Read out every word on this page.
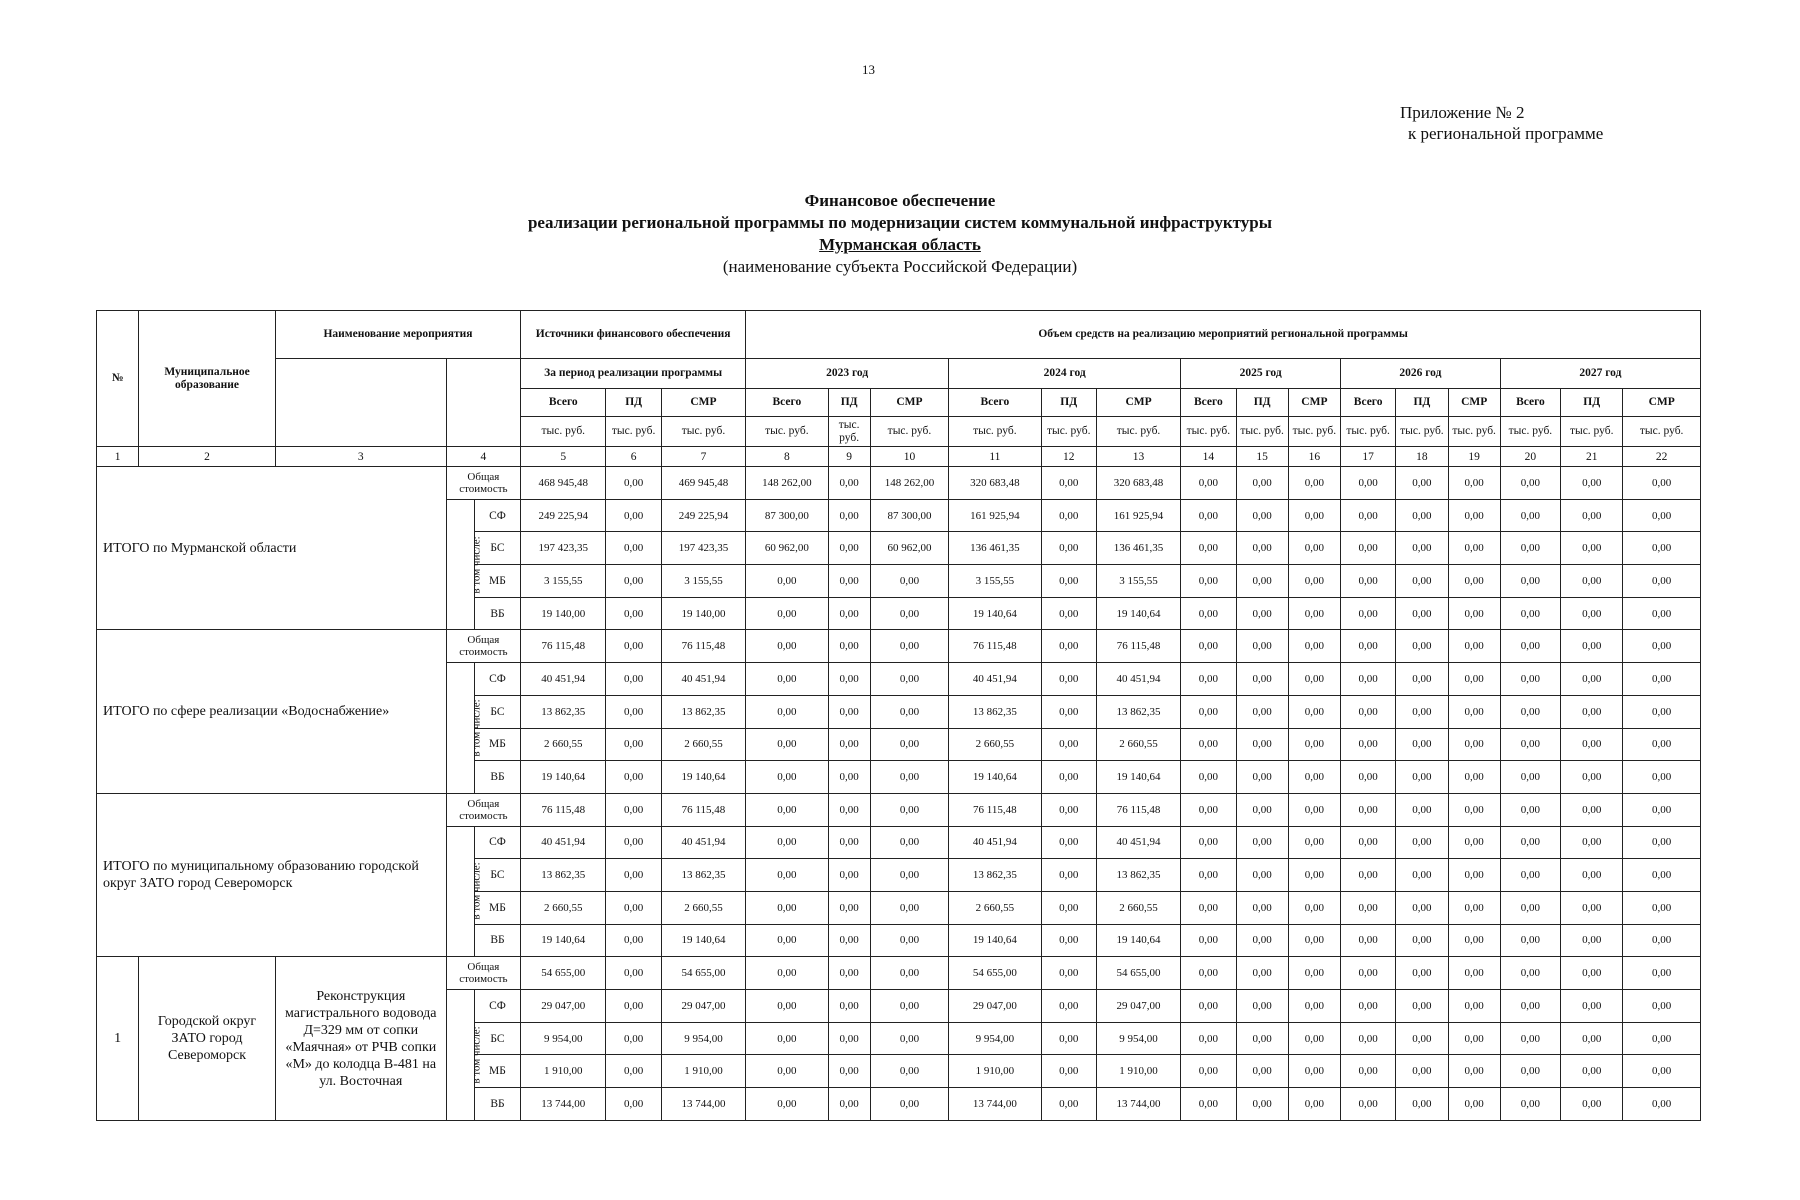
13
Приложение № 2
к региональной программе
Финансовое обеспечение
реализации региональной программы по модернизации систем коммунальной инфраструктуры
Мурманская область
(наименование субъекта Российской Федерации)
№	Муниципальное образование	Наименование мероприятия			Источники финансового обеспечения			Объем средств на реализацию мероприятий региональной программы														
					За период реализации программы			2023 год			2024 год			2025 год			2026 год			2027 год		
					Всего	ПД	СМР	Всего	ПД	СМР	Всего	ПД	СМР	Всего	ПД	СМР	Всего	ПД	СМР	Всего	ПД	СМР
					тыс. руб.	тыс. руб.	тыс. руб.	тыс. руб.	тыс. руб.	тыс. руб.	тыс. руб.	тыс. руб.	тыс. руб.	тыс. руб.	тыс. руб.	тыс. руб.	тыс. руб.	тыс. руб.	тыс. руб.	тыс. руб.	тыс. руб.	тыс. руб.
1	2	3	4		5	6	7	8	9	10	11	12	13	14	15	16	17	18	19	20	21	22
ИТОГО по Мурманской области			Общая стоимость		468 945,48	0,00	469 945,48	148 262,00	0,00	148 262,00	320 683,48	0,00	320 683,48	0,00	0,00	0,00	0,00	0,00	0,00	0,00	0,00	0,00
			в том числе:	СФ	249 225,94	0,00	249 225,94	87 300,00	0,00	87 300,00	161 925,94	0,00	161 925,94	0,00	0,00	0,00	0,00	0,00	0,00	0,00	0,00	0,00
				БС	197 423,35	0,00	197 423,35	60 962,00	0,00	60 962,00	136 461,35	0,00	136 461,35	0,00	0,00	0,00	0,00	0,00	0,00	0,00	0,00	0,00
				МБ	3 155,55	0,00	3 155,55	0,00	0,00	0,00	3 155,55	0,00	3 155,55	0,00	0,00	0,00	0,00	0,00	0,00	0,00	0,00	0,00
				ВБ	19 140,00	0,00	19 140,00	0,00	0,00	0,00	19 140,64	0,00	19 140,64	0,00	0,00	0,00	0,00	0,00	0,00	0,00	0,00	0,00
ИТОГО по сфере реализации «Водоснабжение»			Общая стоимость		76 115,48	0,00	76 115,48	0,00	0,00	0,00	76 115,48	0,00	76 115,48	0,00	0,00	0,00	0,00	0,00	0,00	0,00	0,00	0,00
			в том числе:	СФ	40 451,94	0,00	40 451,94	0,00	0,00	0,00	40 451,94	0,00	40 451,94	0,00	0,00	0,00	0,00	0,00	0,00	0,00	0,00	0,00
				БС	13 862,35	0,00	13 862,35	0,00	0,00	0,00	13 862,35	0,00	13 862,35	0,00	0,00	0,00	0,00	0,00	0,00	0,00	0,00	0,00
				МБ	2 660,55	0,00	2 660,55	0,00	0,00	0,00	2 660,55	0,00	2 660,55	0,00	0,00	0,00	0,00	0,00	0,00	0,00	0,00	0,00
				ВБ	19 140,64	0,00	19 140,64	0,00	0,00	0,00	19 140,64	0,00	19 140,64	0,00	0,00	0,00	0,00	0,00	0,00	0,00	0,00	0,00
ИТОГО по муниципальному образованию городской округ ЗАТО город Североморск			Общая стоимость		76 115,48	0,00	76 115,48	0,00	0,00	0,00	76 115,48	0,00	76 115,48	0,00	0,00	0,00	0,00	0,00	0,00	0,00	0,00	0,00
			в том числе:	СФ	40 451,94	0,00	40 451,94	0,00	0,00	0,00	40 451,94	0,00	40 451,94	0,00	0,00	0,00	0,00	0,00	0,00	0,00	0,00	0,00
				БС	13 862,35	0,00	13 862,35	0,00	0,00	0,00	13 862,35	0,00	13 862,35	0,00	0,00	0,00	0,00	0,00	0,00	0,00	0,00	0,00
				МБ	2 660,55	0,00	2 660,55	0,00	0,00	0,00	2 660,55	0,00	2 660,55	0,00	0,00	0,00	0,00	0,00	0,00	0,00	0,00	0,00
				ВБ	19 140,64	0,00	19 140,64	0,00	0,00	0,00	19 140,64	0,00	19 140,64	0,00	0,00	0,00	0,00	0,00	0,00	0,00	0,00	0,00
1	Городской округ ЗАТО город Североморск	Реконструкция магистрального водовода Д=329 мм от сопки «Маячная» от РЧВ сопки «М» до колодца В-481 на ул. Восточная	Общая стоимость		54 655,00	0,00	54 655,00	0,00	0,00	0,00	54 655,00	0,00	54 655,00	0,00	0,00	0,00	0,00	0,00	0,00	0,00	0,00	0,00
			в том числе:	СФ	29 047,00	0,00	29 047,00	0,00	0,00	0,00	29 047,00	0,00	29 047,00	0,00	0,00	0,00	0,00	0,00	0,00	0,00	0,00	0,00
				БС	9 954,00	0,00	9 954,00	0,00	0,00	0,00	9 954,00	0,00	9 954,00	0,00	0,00	0,00	0,00	0,00	0,00	0,00	0,00	0,00
				МБ	1 910,00	0,00	1 910,00	0,00	0,00	0,00	1 910,00	0,00	1 910,00	0,00	0,00	0,00	0,00	0,00	0,00	0,00	0,00	0,00
				ВБ	13 744,00	0,00	13 744,00	0,00	0,00	0,00	13 744,00	0,00	13 744,00	0,00	0,00	0,00	0,00	0,00	0,00	0,00	0,00	0,00
